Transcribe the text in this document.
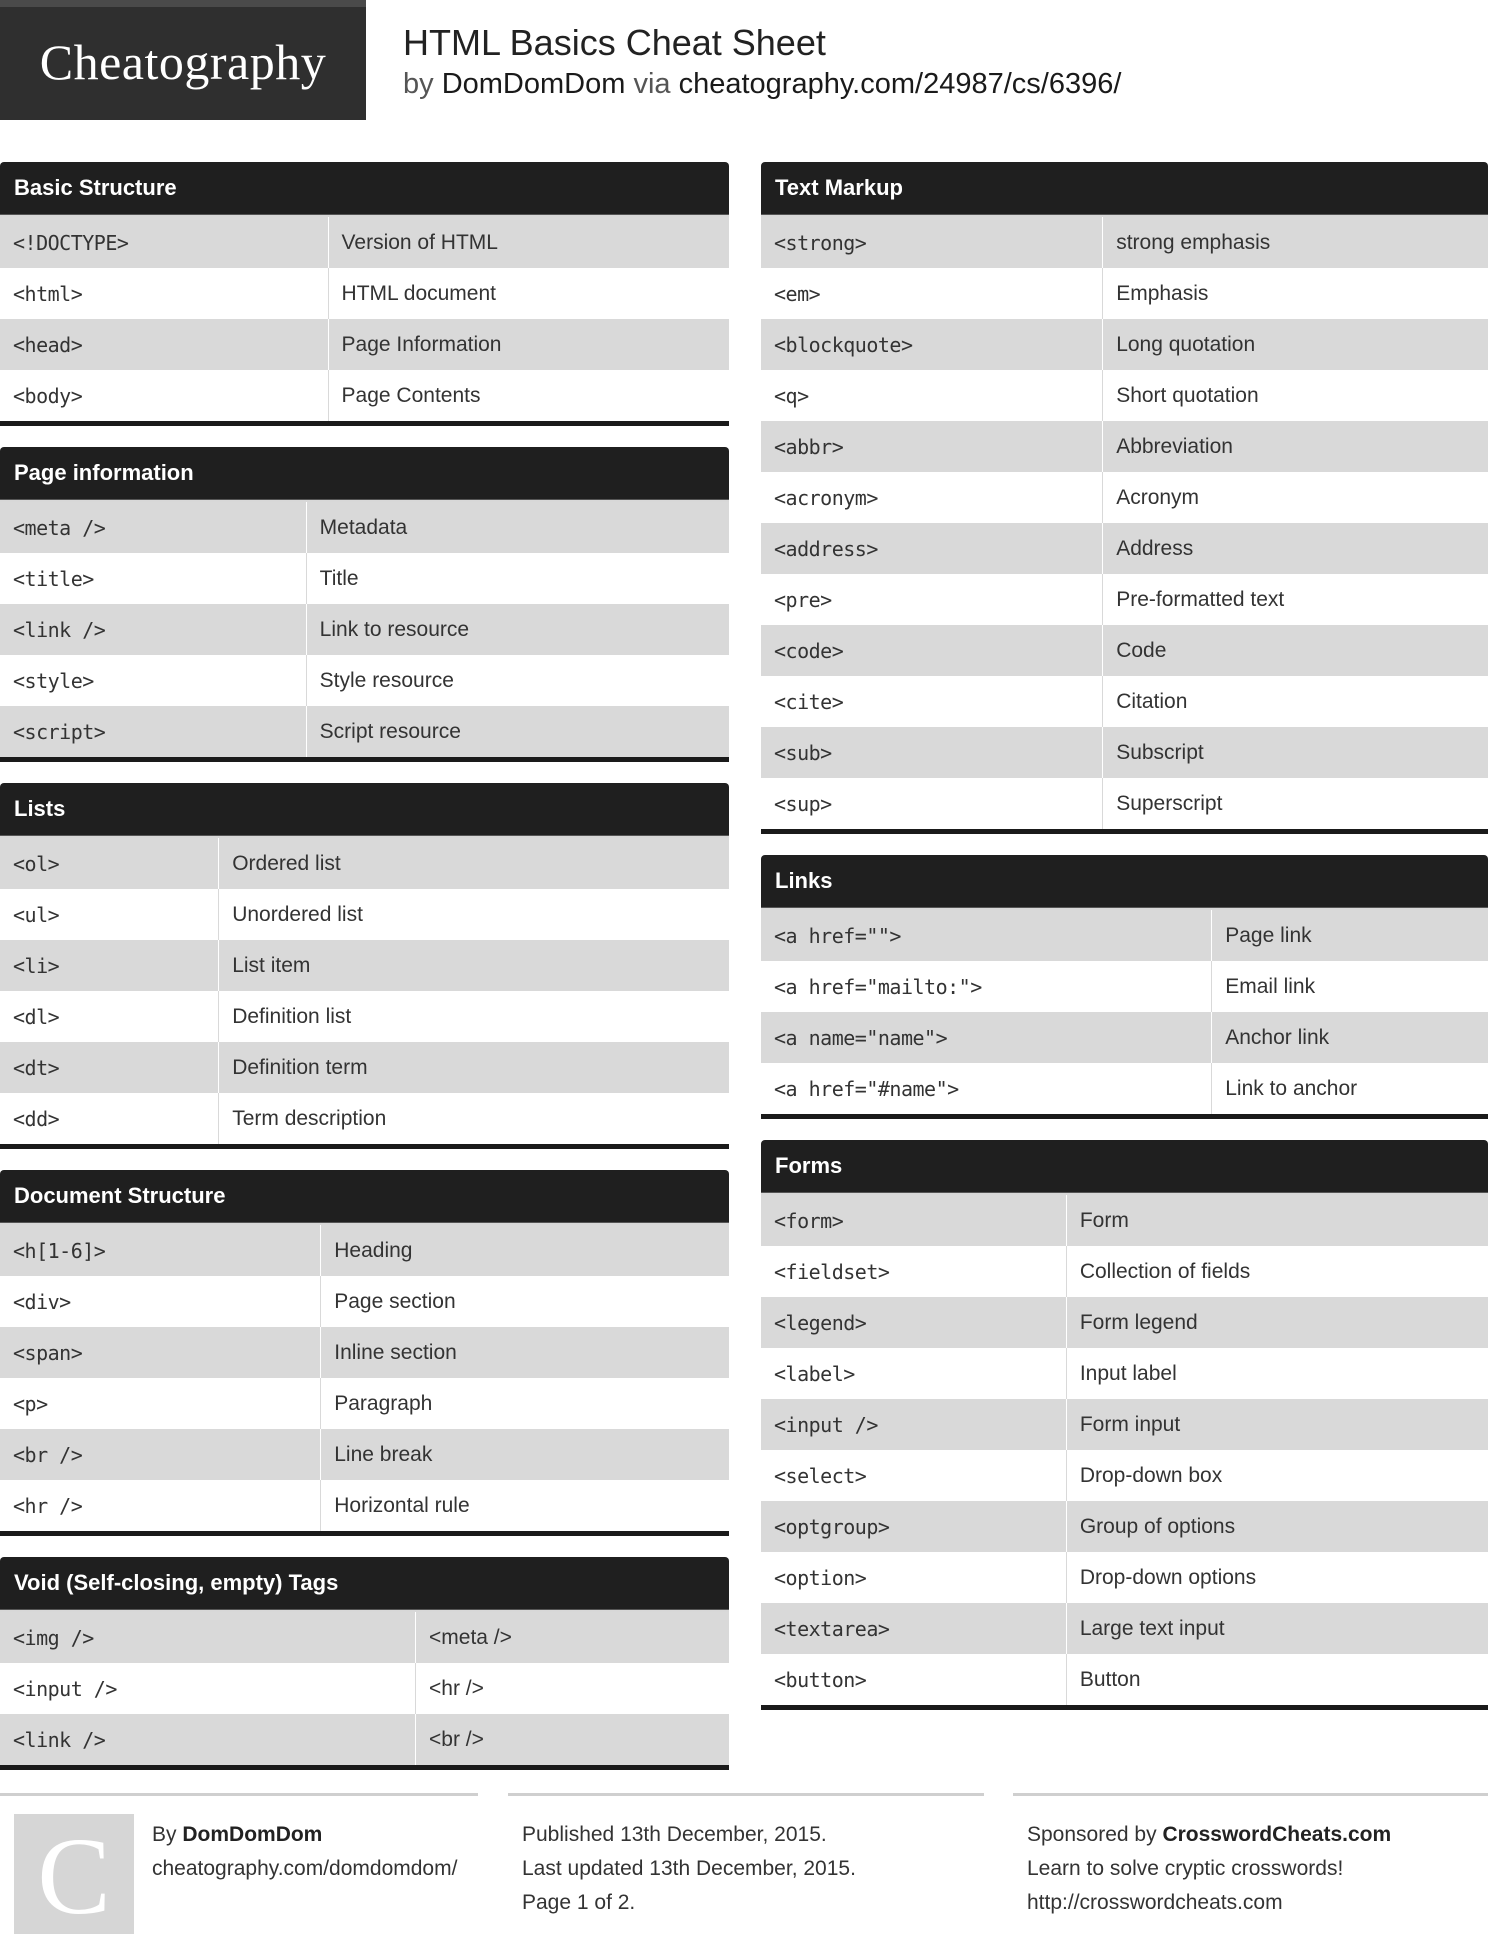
Cheatography	HTML Basics Cheat Sheet
by DomDomDom via cheatography.com/24987/cs/6396/
Basic Structure
<!DOCTYPE>	Version of HTML
<html>	HTML document
<head>	Page Information
<body>	Page Contents
Page information
<meta />	Metadata
<title>	Title
<link />	Link to resource
<style>	Style resource
<script>	Script resource
Lists
<ol>	Ordered list
<ul>	Unordered list
<li>	List item
<dl>	Definition list
<dt>	Definition term
<dd>	Term description
Document Structure
<h[1-6]>	Heading
<div>	Page section
<span>	Inline section
<p>	Paragraph
<br />	Line break
<hr />	Horizontal rule
Void (Self-closing, empty) Tags
<img />	<meta />
<input />	<hr />
<link />	<br />
Text Markup
<strong>	strong emphasis
<em>	Emphasis
<blockquote>	Long quotation
<q>	Short quotation
<abbr>	Abbreviation
<acronym>	Acronym
<address>	Address
<pre>	Pre-formatted text
<code>	Code
<cite>	Citation
<sub>	Subscript
<sup>	Superscript
Links
<a href="">	Page link
<a href="mailto:">	Email link
<a name="name">	Anchor link
<a href="#name">	Link to anchor
Forms
<form>	Form
<fieldset>	Collection of fields
<legend>	Form legend
<label>	Input label
<input />	Form input
<select>	Drop-down box
<optgroup>	Group of options
<option>	Drop-down options
<textarea>	Large text input
<button>	Button
C	By DomDomDom
cheatography.com/domdomdom/
Published 13th December, 2015.
Last updated 13th December, 2015.
Page 1 of 2.
Sponsored by CrosswordCheats.com
Learn to solve cryptic crosswords!
http://crosswordcheats.com
